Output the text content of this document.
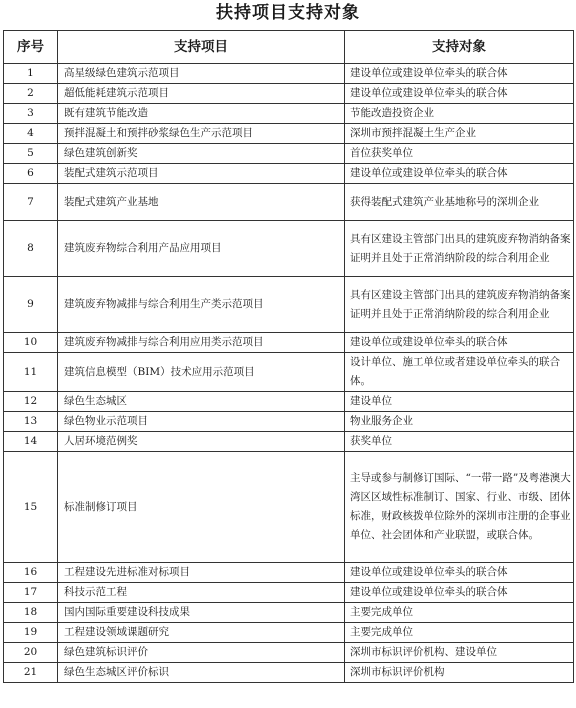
扶持项目支持对象
序号	支持项目	支持对象
1	高星级绿色建筑示范项目	建设单位或建设单位牵头的联合体
2	超低能耗建筑示范项目	建设单位或建设单位牵头的联合体
3	既有建筑节能改造	节能改造投资企业
4	预拌混凝土和预拌砂浆绿色生产示范项目	深圳市预拌混凝土生产企业
5	绿色建筑创新奖	首位获奖单位
6	装配式建筑示范项目	建设单位或建设单位牵头的联合体
7	装配式建筑产业基地	获得装配式建筑产业基地称号的深圳企业
8	建筑废弃物综合利用产品应用项目	具有区建设主管部门出具的建筑废弃物消纳备案证明并且处于正常消纳阶段的综合利用企业
9	建筑废弃物减排与综合利用生产类示范项目	具有区建设主管部门出具的建筑废弃物消纳备案证明并且处于正常消纳阶段的综合利用企业
10	建筑废弃物减排与综合利用应用类示范项目	建设单位或建设单位牵头的联合体
11	建筑信息模型（BIM）技术应用示范项目	设计单位、施工单位或者建设单位牵头的联合体。
12	绿色生态城区	建设单位
13	绿色物业示范项目	物业服务企业
14	人居环境范例奖	获奖单位
15	标准制修订项目	主导或参与制修订国际、“一带一路”及粤港澳大湾区区域性标准制订、国家、行业、市级、团体标准，财政核拨单位除外的深圳市注册的企事业单位、社会团体和产业联盟，或联合体。
16	工程建设先进标准对标项目	建设单位或建设单位牵头的联合体
17	科技示范工程	建设单位或建设单位牵头的联合体
18	国内国际重要建设科技成果	主要完成单位
19	工程建设领域课题研究	主要完成单位
20	绿色建筑标识评价	深圳市标识评价机构、建设单位
21	绿色生态城区评价标识	深圳市标识评价机构
